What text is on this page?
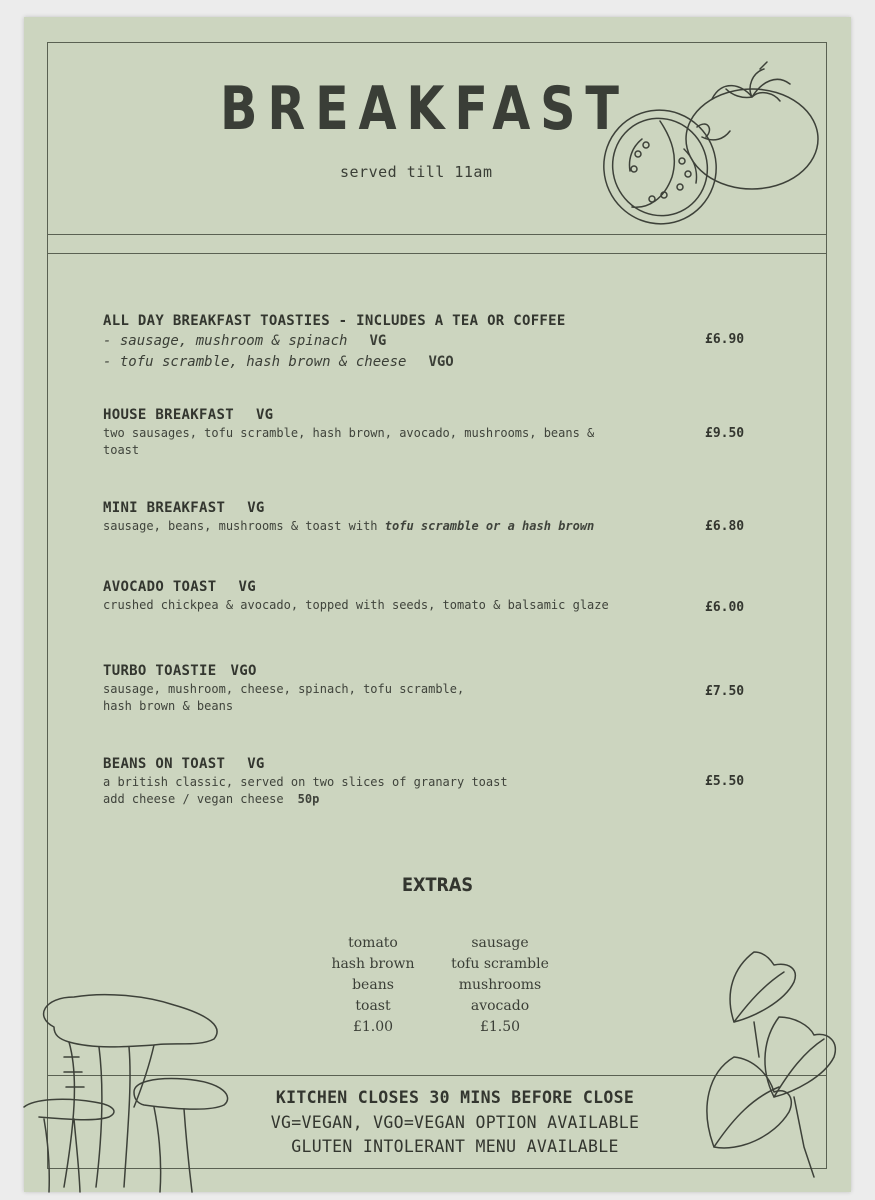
BREAKFAST
served till 11am
ALL DAY BREAKFAST TOASTIES - INCLUDES A TEA OR COFFEE
- sausage, mushroom & spinach VG
- tofu scramble, hash brown & cheese VGO
£6.90
HOUSE BREAKFAST VG
two sausages, tofu scramble, hash brown, avocado, mushrooms, beans &
toast
£9.50
MINI BREAKFAST VG
sausage, beans, mushrooms & toast with tofu scramble or a hash brown	£6.80
AVOCADO TOAST VG
crushed chickpea & avocado, topped with seeds, tomato & balsamic glaze	£6.00
TURBO TOASTIE VGO
sausage, mushroom, cheese, spinach, tofu scramble,
hash brown & beans
£7.50
BEANS ON TOAST VG
a british classic, served on two slices of granary toast
add cheese / vegan cheese 50p
£5.50
EXTRAS
tomato
hash brown
beans
toast
£1.00
sausage
tofu scramble
mushrooms
avocado
£1.50
KITCHEN CLOSES 30 MINS BEFORE CLOSE
VG=VEGAN, VGO=VEGAN OPTION AVAILABLE
GLUTEN INTOLERANT MENU AVAILABLE
